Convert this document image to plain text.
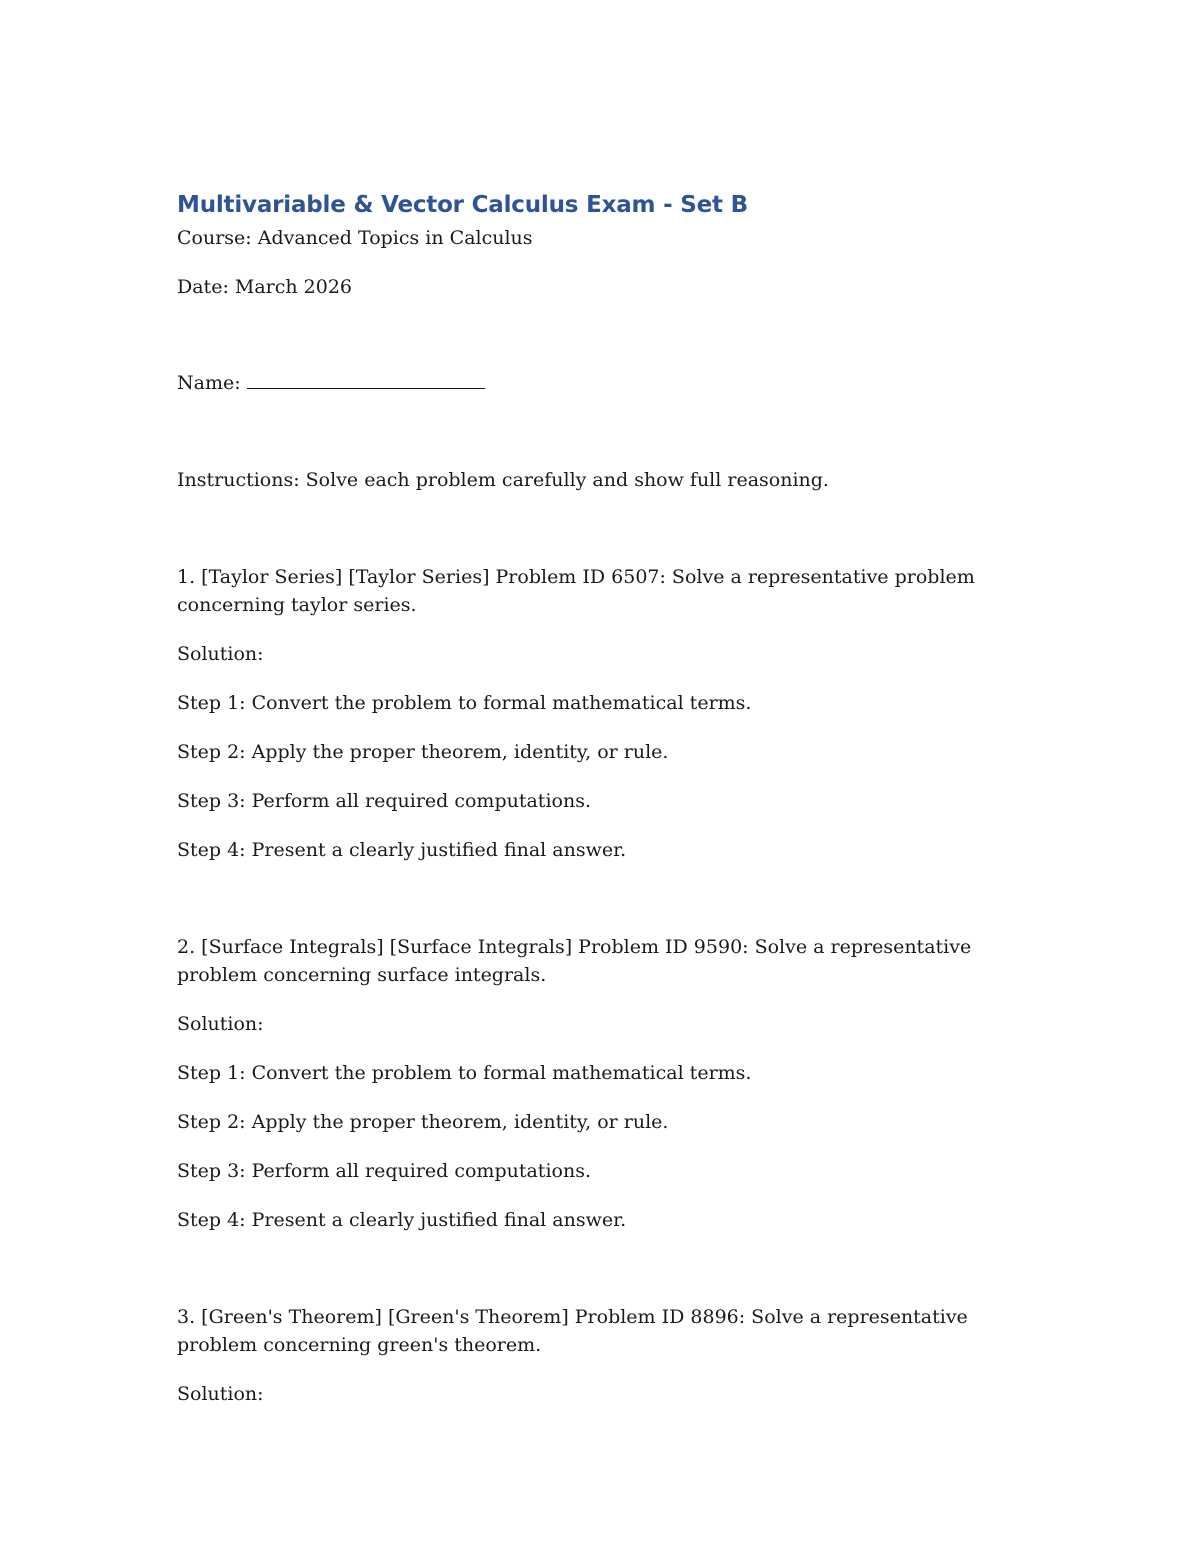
Multivariable & Vector Calculus Exam - Set B

Course: Advanced Topics in Calculus

Date: March 2026

Name:

Instructions: Solve each problem carefully and show full reasoning.

1. [Taylor Series] [Taylor Series] Problem ID 6507: Solve a representative problem concerning taylor series.

Solution:

Step 1: Convert the problem to formal mathematical terms.

Step 2: Apply the proper theorem, identity, or rule.

Step 3: Perform all required computations.

Step 4: Present a clearly justified final answer.

2. [Surface Integrals] [Surface Integrals] Problem ID 9590: Solve a representative problem concerning surface integrals.

Solution:

Step 1: Convert the problem to formal mathematical terms.

Step 2: Apply the proper theorem, identity, or rule.

Step 3: Perform all required computations.

Step 4: Present a clearly justified final answer.

3. [Green's Theorem] [Green's Theorem] Problem ID 8896: Solve a representative problem concerning green's theorem.

Solution:
